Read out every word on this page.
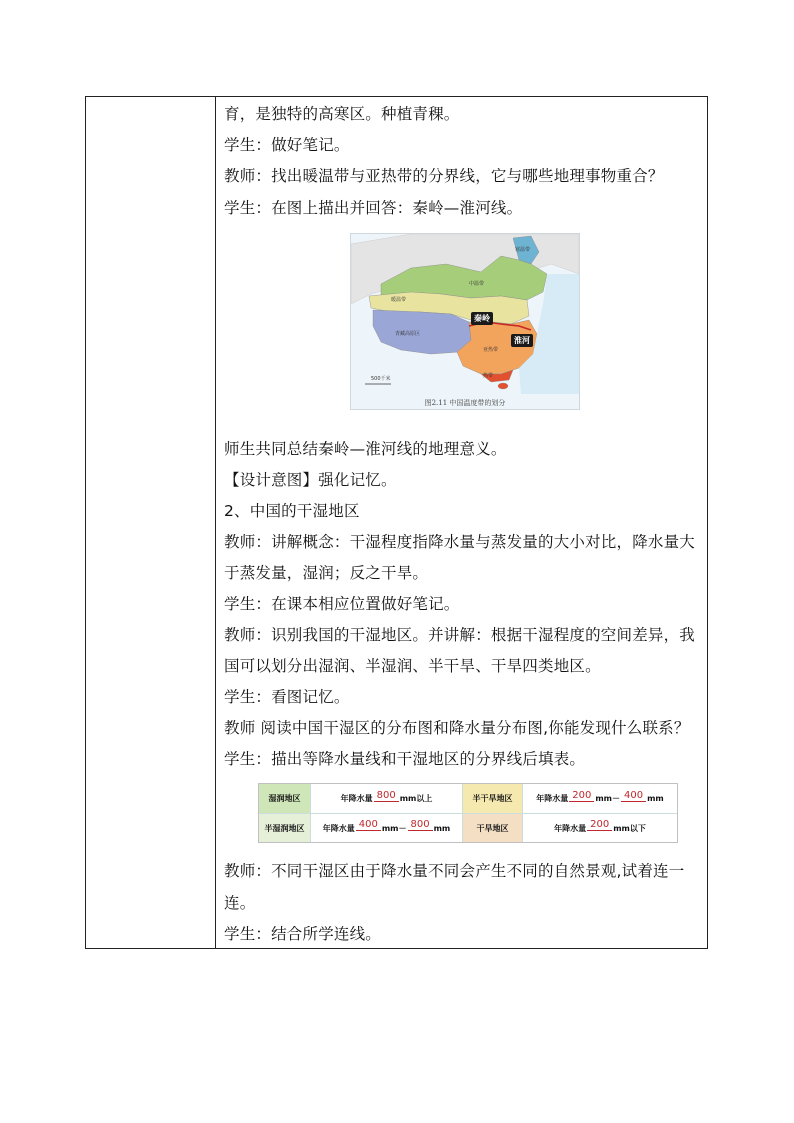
育，是独特的高寒区。种植青稞。
学生：做好笔记。
教师：找出暖温带与亚热带的分界线，它与哪些地理事物重合？
学生：在图上描出并回答：秦岭—淮河线。
秦岭
淮河
500千米
寒温带
中温带
暖温带
青藏高原区
亚热带
热带
图2.11 中国温度带的划分
师生共同总结秦岭—淮河线的地理意义。
【设计意图】强化记忆。
2、中国的干湿地区
教师：讲解概念：干湿程度指降水量与蒸发量的大小对比，降水量大
于蒸发量，湿润；反之干旱。
学生：在课本相应位置做好笔记。
教师：识别我国的干湿地区。并讲解：根据干湿程度的空间差异，我
国可以划分出湿润、半湿润、半干旱、干旱四类地区。
学生：看图记忆。
教师 阅读中国干湿区的分布图和降水量分布图,你能发现什么联系？
学生：描出等降水量线和干湿地区的分界线后填表。
湿润地区	年降水量 800 mm以上	半干旱地区	年降水量 200 mm－ 400 mm
半湿润地区	年降水量 400 mm－ 800 mm	干旱地区	年降水量 200 mm以下
教师：不同干湿区由于降水量不同会产生不同的自然景观,试着连一
连。
学生：结合所学连线。
